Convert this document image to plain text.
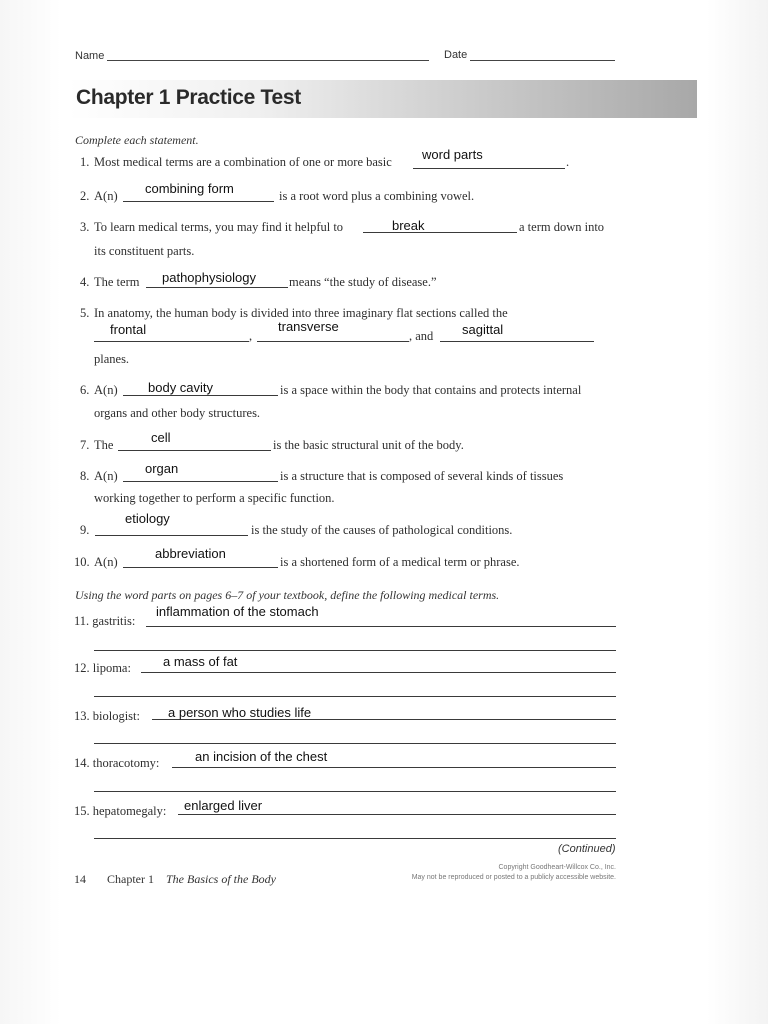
Name	Date
Chapter 1 Practice Test
Complete each statement.
1. Most medical terms are a combination of one or more basic word parts	.
2. A(n) combining form	is a root word plus a combining vowel.
3. To learn medical terms, you may find it helpful to	break	a term down into
its constituent parts.
4. The term pathophysiology	means “the study of disease.”
5. In anatomy, the human body is divided into three imaginary flat sections called the
frontal	,
transverse
, and sagittal
planes.
6. A(n) body cavity	is a space within the body that contains and protects internal
organs and other body structures.
7. The	cell	is the basic structural unit of the body.
8. A(n) organ	is a structure that is composed of several kinds of tissues
working together to perform a specific function.
9.
etiology
is the study of the causes of pathological conditions.
10. A(n)
abbreviation
is a shortened form of a medical term or phrase.
Using the word parts on pages 6–7 of your textbook, define the following medical terms.
11. gastritis:
inflammation of the stomach
12. lipoma: a mass of fat
13. biologist: a person who studies life
14. thoracotomy:	an incision of the chest
15. hepatomegaly: enlarged liver
(Continued)
14 Chapter 1 The Basics of the Body
Copyright Goodheart-Willcox Co., Inc.
May not be reproduced or posted to a publicly accessible website.
